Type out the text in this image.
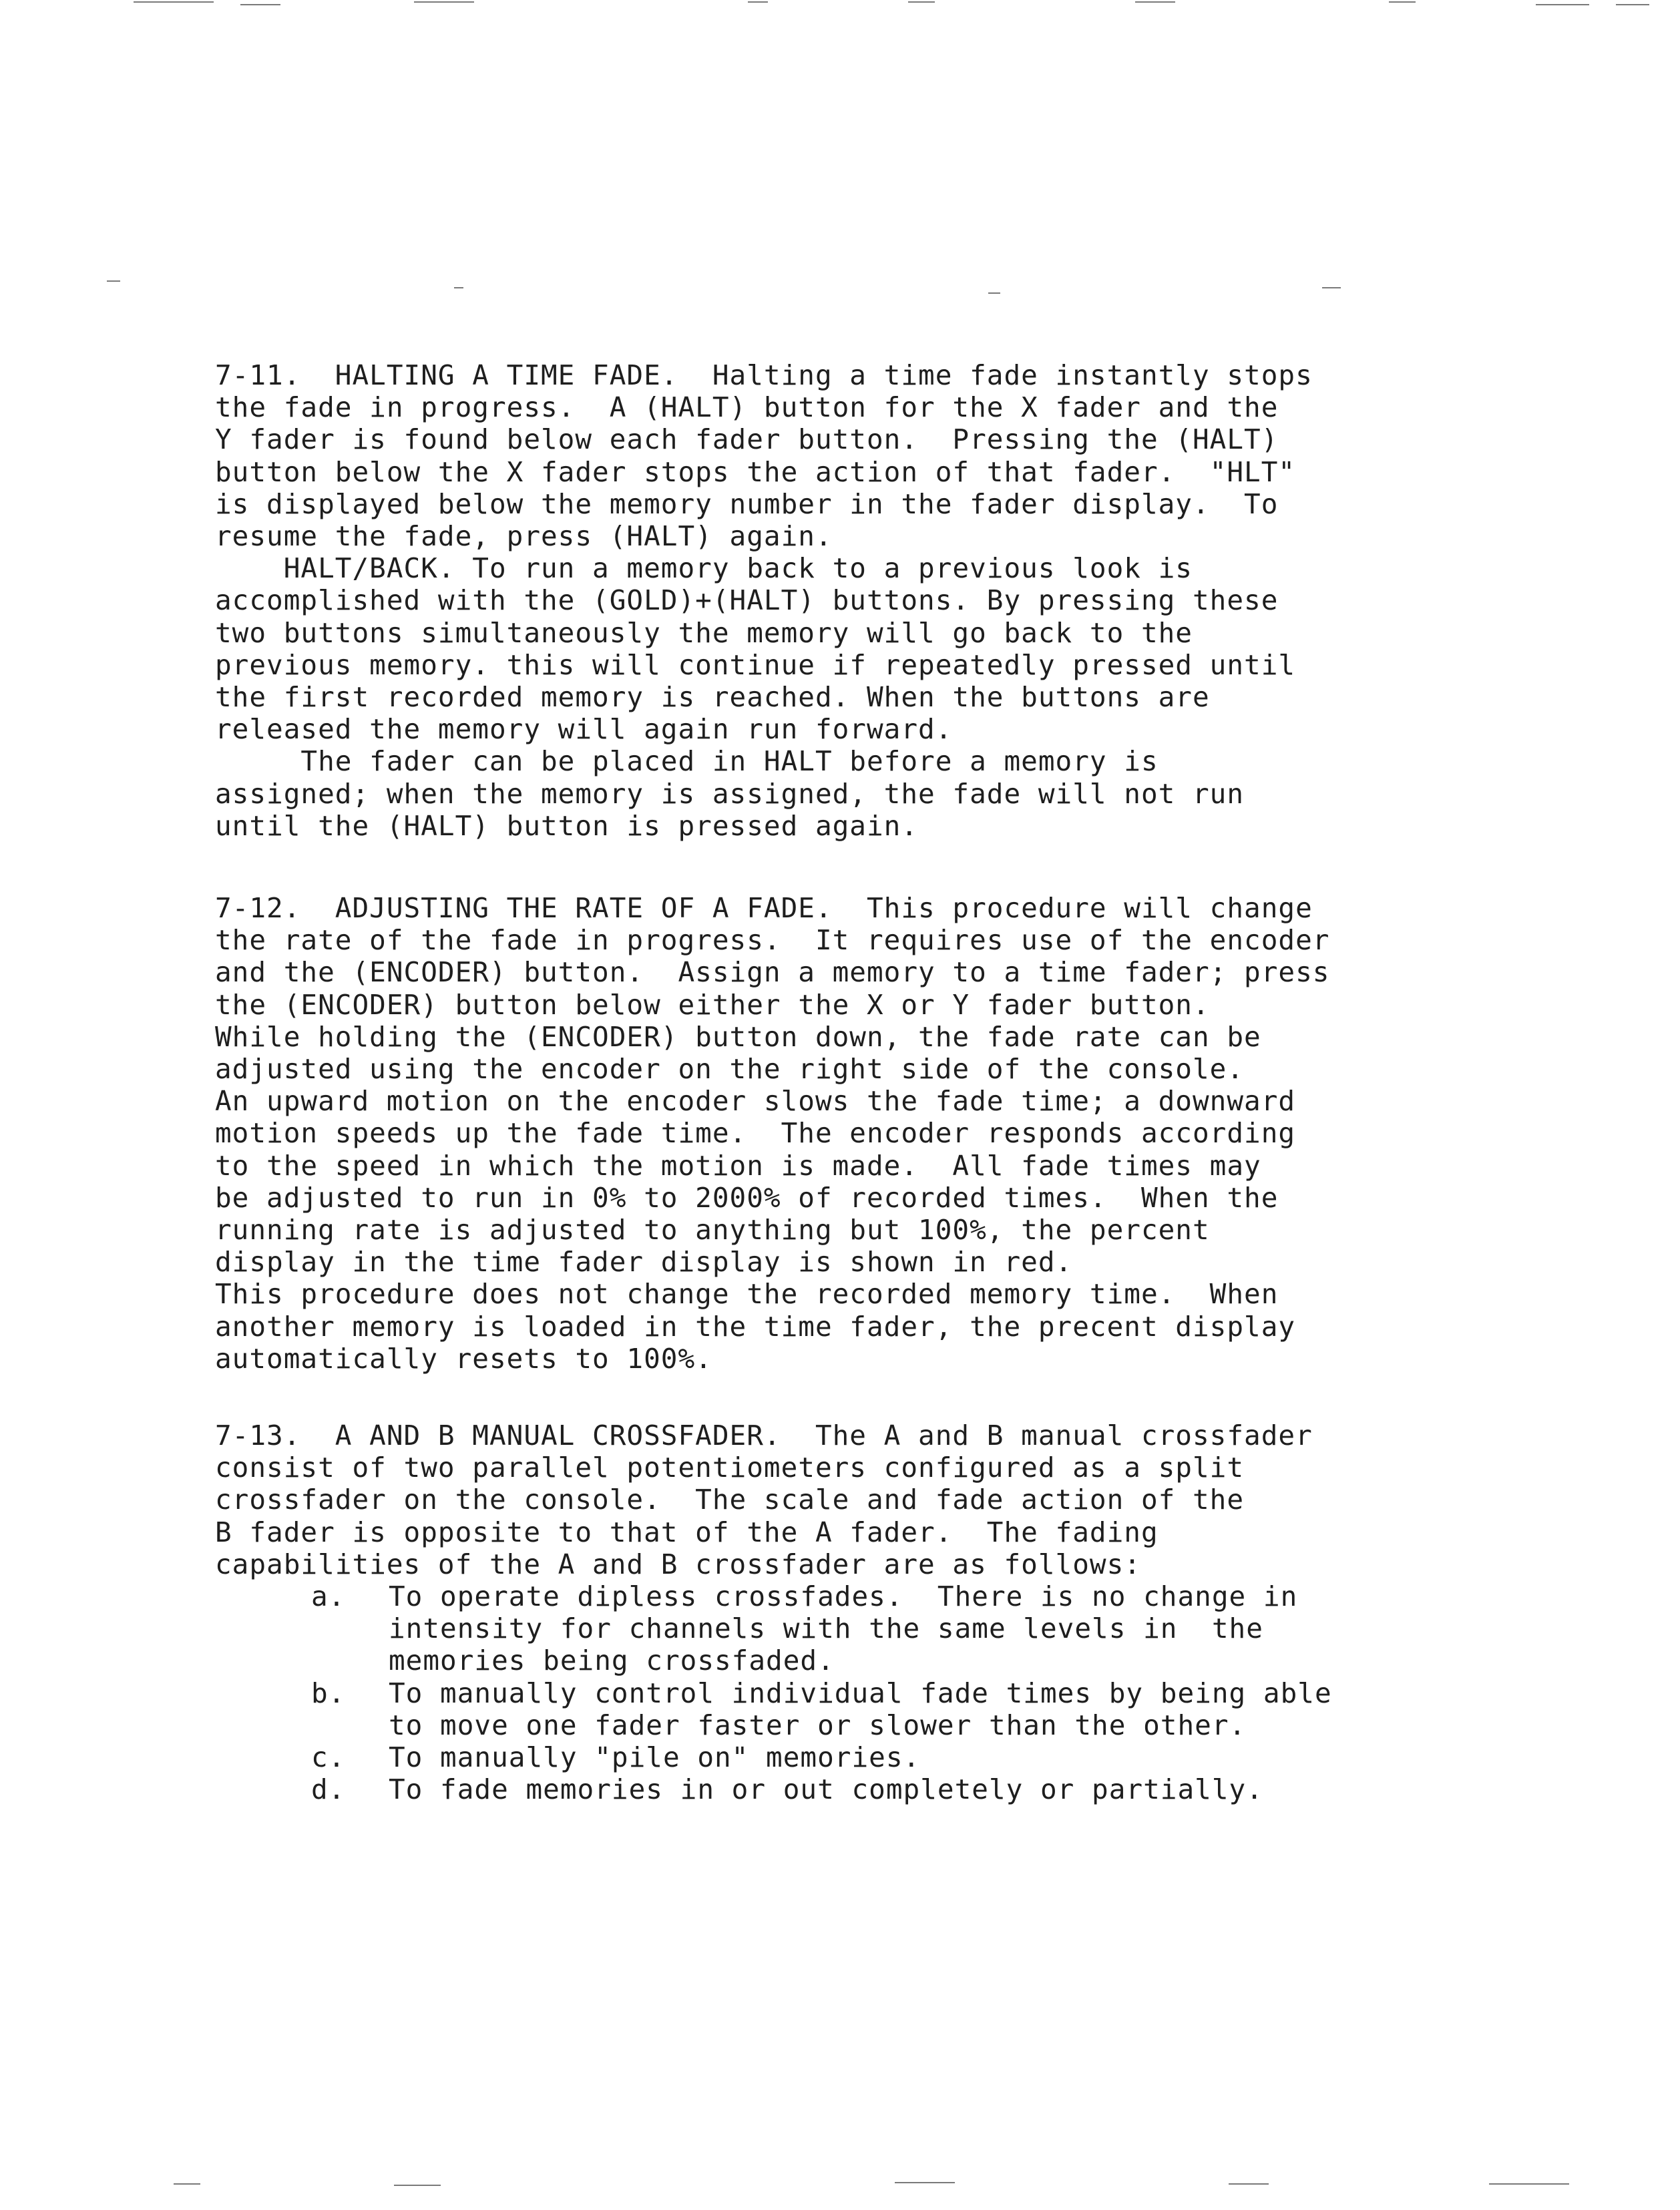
7-11.  HALTING A TIME FADE.  Halting a time fade instantly stops
the fade in progress.  A (HALT) button for the X fader and the
Y fader is found below each fader button.  Pressing the (HALT)
button below the X fader stops the action of that fader.  "HLT"
is displayed below the memory number in the fader display.  To
resume the fade, press (HALT) again.
HALT/BACK. To run a memory back to a previous look is
accomplished with the (GOLD)+(HALT) buttons. By pressing these
two buttons simultaneously the memory will go back to the
previous memory. this will continue if repeatedly pressed until
the first recorded memory is reached. When the buttons are
released the memory will again run forward.
The fader can be placed in HALT before a memory is
assigned; when the memory is assigned, the fade will not run
until the (HALT) button is pressed again.
7-12.  ADJUSTING THE RATE OF A FADE.  This procedure will change
the rate of the fade in progress.  It requires use of the encoder
and the (ENCODER) button.  Assign a memory to a time fader; press
the (ENCODER) button below either the X or Y fader button.
While holding the (ENCODER) button down, the fade rate can be
adjusted using the encoder on the right side of the console.
An upward motion on the encoder slows the fade time; a downward
motion speeds up the fade time.  The encoder responds according
to the speed in which the motion is made.  All fade times may
be adjusted to run in 0% to 2000% of recorded times.  When the
running rate is adjusted to anything but 100%, the percent
display in the time fader display is shown in red.
This procedure does not change the recorded memory time.  When
another memory is loaded in the time fader, the precent display
automatically resets to 100%.
7-13.  A AND B MANUAL CROSSFADER.  The A and B manual crossfader
consist of two parallel potentiometers configured as a split
crossfader on the console.  The scale and fade action of the
B fader is opposite to that of the A fader.  The fading
capabilities of the A and B crossfader are as follows:
a. To operate dipless crossfades.  There is no change in
intensity for channels with the same levels in  the
memories being crossfaded.
b. To manually control individual fade times by being able
to move one fader faster or slower than the other.
c. To manually "pile on" memories.
d. To fade memories in or out completely or partially.
